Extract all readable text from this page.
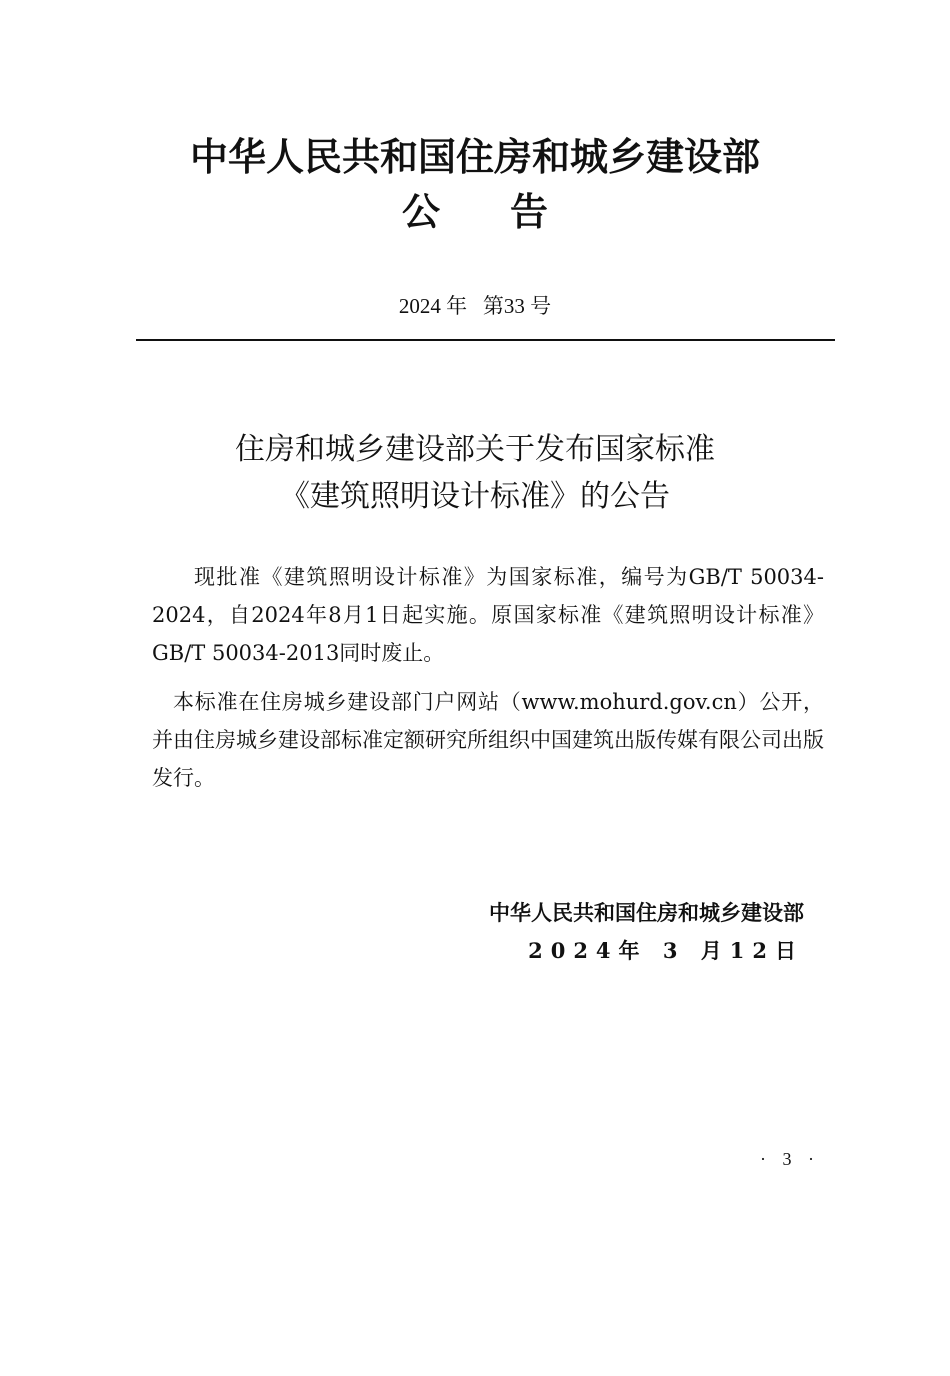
中华人民共和国住房和城乡建设部
公 告
2024 年   第33 号
住房和城乡建设部关于发布国家标准
《建筑照明设计标准》的公告
现批准《建筑照明设计标准》为国家标准，编号为GB/T 50034-2024，自2024年8月1日起实施。原国家标准《建筑照明设计标准》GB/T 50034-2013同时废止。
本标准在住房城乡建设部门户网站（www.mohurd.gov.cn）公开，并由住房城乡建设部标准定额研究所组织中国建筑出版传媒有限公司出版发行。
中华人民共和国住房和城乡建设部
2024年 3 月12日
· 3 ·
